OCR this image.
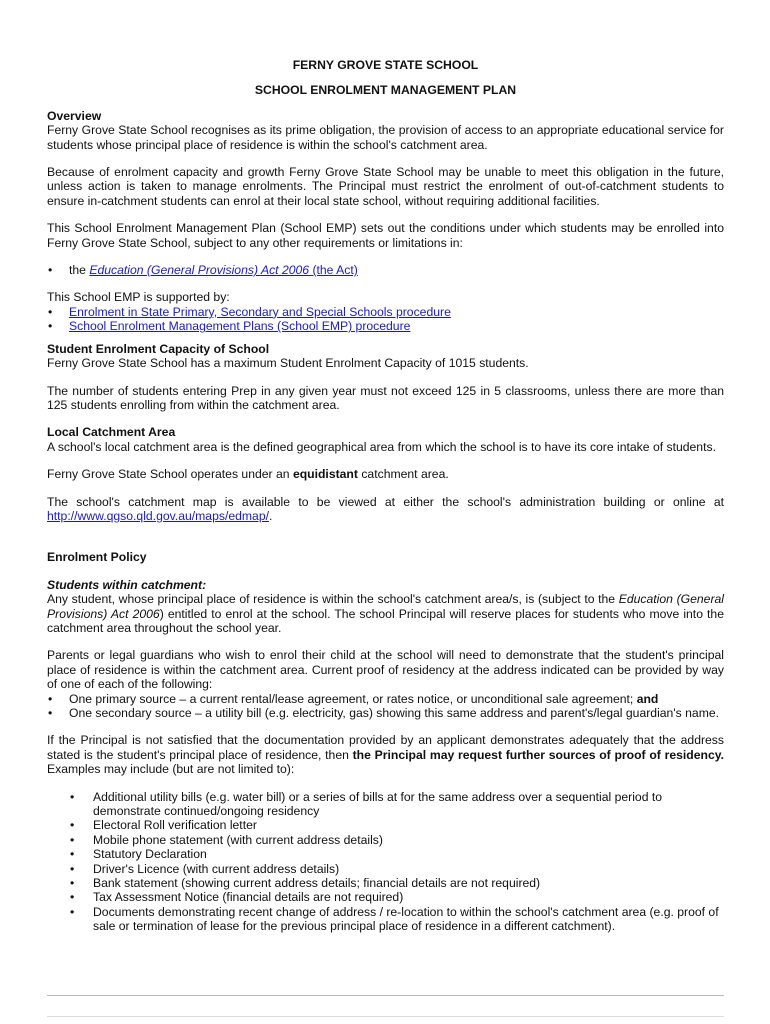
FERNY GROVE STATE SCHOOL
SCHOOL ENROLMENT MANAGEMENT PLAN

Overview

Ferny Grove State School recognises as its prime obligation, the provision of access to an appropriate educational service for students whose principal place of residence is within the school's catchment area.

Because of enrolment capacity and growth Ferny Grove State School may be unable to meet this obligation in the future, unless action is taken to manage enrolments. The Principal must restrict the enrolment of out-of-catchment students to ensure in-catchment students can enrol at their local state school, without requiring additional facilities.

This School Enrolment Management Plan (School EMP) sets out the conditions under which students may be enrolled into Ferny Grove State School, subject to any other requirements or limitations in:

• the Education (General Provisions) Act 2006 (the Act)

This School EMP is supported by:

• Enrolment in State Primary, Secondary and Special Schools procedure
• School Enrolment Management Plans (School EMP) procedure

Student Enrolment Capacity of School

Ferny Grove State School has a maximum Student Enrolment Capacity of 1015 students.

The number of students entering Prep in any given year must not exceed 125 in 5 classrooms, unless there are more than 125 students enrolling from within the catchment area.

Local Catchment Area

A school's local catchment area is the defined geographical area from which the school is to have its core intake of students.

Ferny Grove State School operates under an equidistant catchment area.

The school's catchment map is available to be viewed at either the school's administration building or online at

http://www.qgso.qld.gov.au/maps/edmap/.

Enrolment Policy

Students within catchment:

Any student, whose principal place of residence is within the school's catchment area/s, is (subject to the Education (General Provisions) Act 2006) entitled to enrol at the school. The school Principal will reserve places for students who move into the catchment area throughout the school year.

Parents or legal guardians who wish to enrol their child at the school will need to demonstrate that the student's principal place of residence is within the catchment area. Current proof of residency at the address indicated can be provided by way of one of each of the following:

• One primary source – a current rental/lease agreement, or rates notice, or unconditional sale agreement; and
• One secondary source – a utility bill (e.g. electricity, gas) showing this same address and parent's/legal guardian's name.

If the Principal is not satisfied that the documentation provided by an applicant demonstrates adequately that the address stated is the student's principal place of residence, then the Principal may request further sources of proof of residency. Examples may include (but are not limited to):

• Additional utility bills (e.g. water bill) or a series of bills at for the same address over a sequential period to demonstrate continued/ongoing residency
• Electoral Roll verification letter
• Mobile phone statement (with current address details)
• Statutory Declaration
• Driver's Licence (with current address details)
• Bank statement (showing current address details; financial details are not required)
• Tax Assessment Notice (financial details are not required)
• Documents demonstrating recent change of address / re-location to within the school's catchment area (e.g. proof of sale or termination of lease for the previous principal place of residence in a different catchment).
